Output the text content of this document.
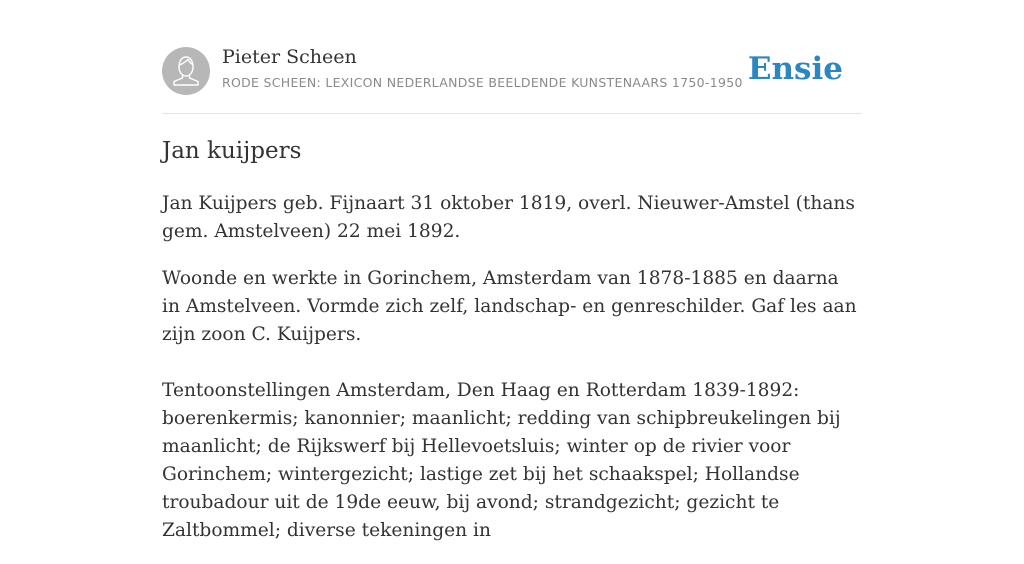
Pieter Scheen
RODE SCHEEN: LEXICON NEDERLANDSE BEELDENDE KUNSTENAARS 1750-1950 Ensie
Jan kuijpers

Jan Kuijpers geb. Fijnaart 31 oktober 1819, overl. Nieuwer-Amstel (thans gem. Amstelveen) 22 mei 1892.

Woonde en werkte in Gorinchem, Amsterdam van 1878-1885 en daarna in Amstelveen. Vormde zich zelf, landschap- en genreschilder. Gaf les aan zijn zoon C. Kuijpers.

Tentoonstellingen Amsterdam, Den Haag en Rotterdam 1839-1892: boerenkermis; kanonnier; maanlicht; redding van schipbreukelingen bij maanlicht; de Rijkswerf bij Hellevoetsluis; winter op de rivier voor Gorinchem; wintergezicht; lastige zet bij het schaakspel; Hollandse troubadour uit de 19de eeuw, bij avond; strandgezicht; gezicht te Zaltbommel; diverse tekeningen in
